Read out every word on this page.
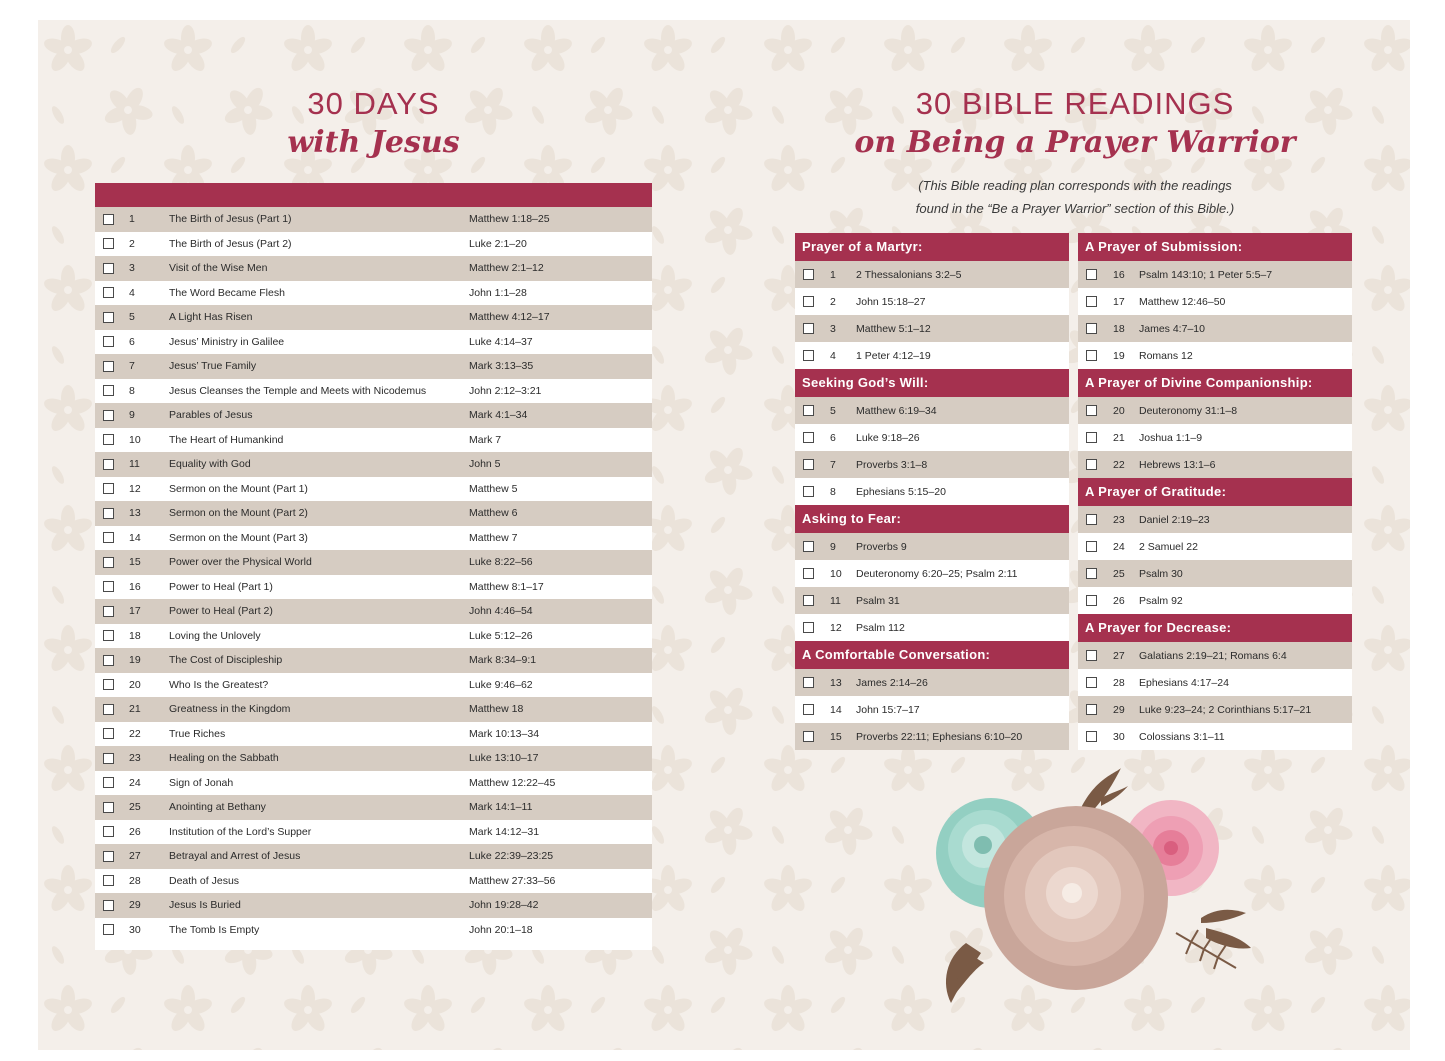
30 DAYS
with Jesus
1	The Birth of Jesus (Part 1)	Matthew 1:18–25
2	The Birth of Jesus (Part 2)	Luke 2:1–20
3	Visit of the Wise Men	Matthew 2:1–12
4	The Word Became Flesh	John 1:1–28
5	A Light Has Risen	Matthew 4:12–17
6	Jesus’ Ministry in Galilee	Luke 4:14–37
7	Jesus’ True Family	Mark 3:13–35
8	Jesus Cleanses the Temple and Meets with Nicodemus	John 2:12–3:21
9	Parables of Jesus	Mark 4:1–34
10	The Heart of Humankind	Mark 7
11	Equality with God	John 5
12	Sermon on the Mount (Part 1)	Matthew 5
13	Sermon on the Mount (Part 2)	Matthew 6
14	Sermon on the Mount (Part 3)	Matthew 7
15	Power over the Physical World	Luke 8:22–56
16	Power to Heal (Part 1)	Matthew 8:1–17
17	Power to Heal (Part 2)	John 4:46–54
18	Loving the Unlovely	Luke 5:12–26
19	The Cost of Discipleship	Mark 8:34–9:1
20	Who Is the Greatest?	Luke 9:46–62
21	Greatness in the Kingdom	Matthew 18
22	True Riches	Mark 10:13–34
23	Healing on the Sabbath	Luke 13:10–17
24	Sign of Jonah	Matthew 12:22–45
25	Anointing at Bethany	Mark 14:1–11
26	Institution of the Lord’s Supper	Mark 14:12–31
27	Betrayal and Arrest of Jesus	Luke 22:39–23:25
28	Death of Jesus	Matthew 27:33–56
29	Jesus Is Buried	John 19:28–42
30	The Tomb Is Empty	John 20:1–18
30 BIBLE READINGS
on Being a Prayer Warrior
(This Bible reading plan corresponds with the readings
found in the “Be a Prayer Warrior” section of this Bible.)
Prayer of a Martyr:
1	2 Thessalonians 3:2–5
2	John 15:18–27
3	Matthew 5:1–12
4	1 Peter 4:12–19
Seeking God’s Will:
5	Matthew 6:19–34
6	Luke 9:18–26
7	Proverbs 3:1–8
8	Ephesians 5:15–20
Asking to Fear:
9	Proverbs 9
10	Deuteronomy 6:20–25; Psalm 2:11
11	Psalm 31
12	Psalm 112
A Comfortable Conversation:
13	James 2:14–26
14	John 15:7–17
15	Proverbs 22:11; Ephesians 6:10–20
A Prayer of Submission:
16	Psalm 143:10; 1 Peter 5:5–7
17	Matthew 12:46–50
18	James 4:7–10
19	Romans 12
A Prayer of Divine Companionship:
20	Deuteronomy 31:1–8
21	Joshua 1:1–9
22	Hebrews 13:1–6
A Prayer of Gratitude:
23	Daniel 2:19–23
24	2 Samuel 22
25	Psalm 30
26	Psalm 92
A Prayer for Decrease:
27	Galatians 2:19–21; Romans 6:4
28	Ephesians 4:17–24
29	Luke 9:23–24; 2 Corinthians 5:17–21
30	Colossians 3:1–11
